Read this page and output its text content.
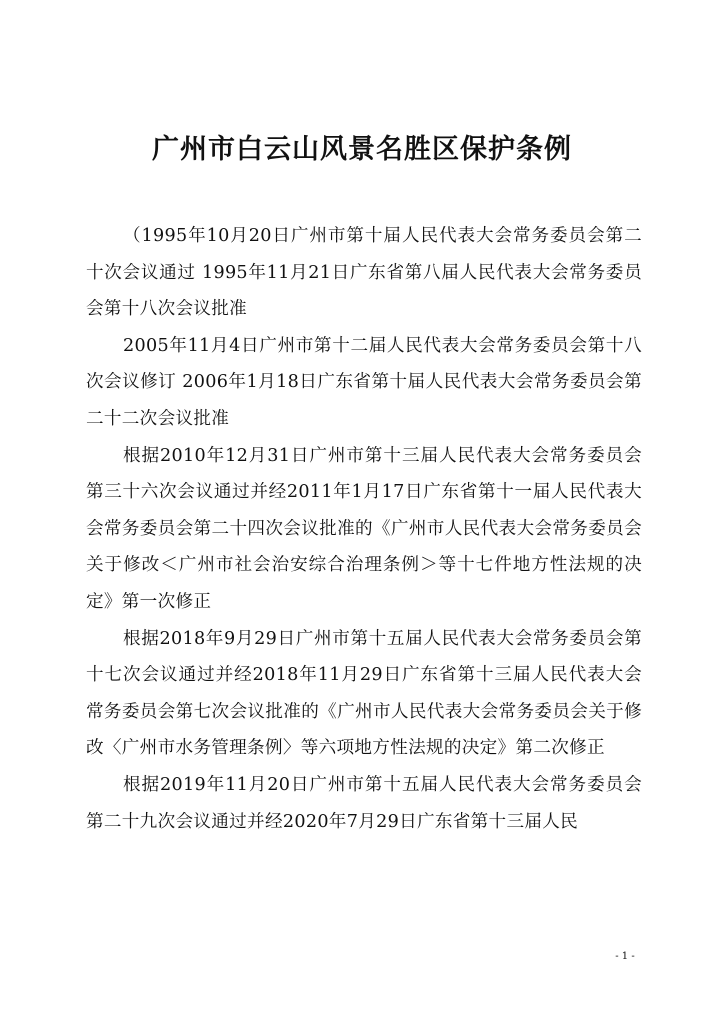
广州市白云山风景名胜区保护条例

（1995年10月20日广州市第十届人民代表大会常务委员会第二十次会议通过 1995年11月21日广东省第八届人民代表大会常务委员会第十八次会议批准

2005年11月4日广州市第十二届人民代表大会常务委员会第十八次会议修订 2006年1月18日广东省第十届人民代表大会常务委员会第二十二次会议批准

根据2010年12月31日广州市第十三届人民代表大会常务委员会第三十六次会议通过并经2011年1月17日广东省第十一届人民代表大会常务委员会第二十四次会议批准的《广州市人民代表大会常务委员会关于修改＜广州市社会治安综合治理条例＞等十七件地方性法规的决定》第一次修正

根据2018年9月29日广州市第十五届人民代表大会常务委员会第十七次会议通过并经2018年11月29日广东省第十三届人民代表大会常务委员会第七次会议批准的《广州市人民代表大会常务委员会关于修改〈广州市水务管理条例〉等六项地方性法规的决定》第二次修正

根据2019年11月20日广州市第十五届人民代表大会常务委员会第二十九次会议通过并经2020年7月29日广东省第十三届人民

- 1 -
